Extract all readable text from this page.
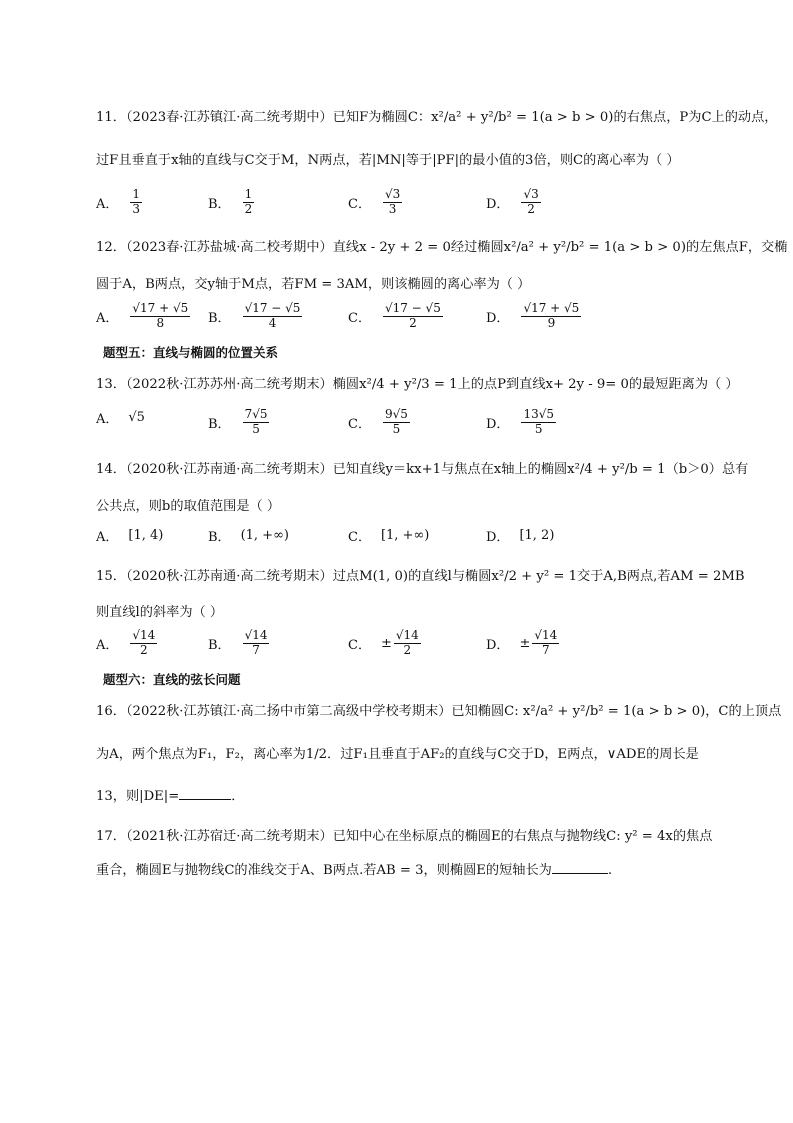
11．（2023春·江苏镇江·高二统考期中）已知F为椭圆C：x²/a² + y²/b² = 1(a > b > 0)的右焦点，P为C上的动点，
过F且垂直于x轴的直线与C交于M，N两点，若|MN|等于|PF|的最小值的3倍，则C的离心率为（ ）
A． $\frac{1}{3}$	B． $\frac{1}{2}$	C． $\frac{√3}{3}$	D． $\frac{√3}{2}$
12．（2023春·江苏盐城·高二校考期中）直线x - 2y + 2 = 0经过椭圆x²/a² + y²/b² = 1(a > b > 0)的左焦点F，交椭
圆于A，B两点，交y轴于M点，若FM = 3AM，则该椭圆的离心率为（ ）
A． $\frac{√17 + √5}{8}$ B． $\frac{√17 - √5}{4}$	C． $\frac{√17 - √5}{2}$	D． $\frac{√17 + √5}{9}$
题型五：直线与椭圆的位置关系
13．（2022秋·江苏苏州·高二统考期末）椭圆x²/4 + y²/3 = 1上的点P到直线x+ 2y - 9= 0的最短距离为（ ）
A． √5	B． $\frac{7√5}{5}$	C． $\frac{9√5}{5}$	D． $\frac{13√5}{5}$
14．（2020秋·江苏南通·高二统考期末）已知直线y＝kx+1与焦点在x轴上的椭圆x²/4 + y²/b = 1（b＞0）总有
公共点，则b的取值范围是（ ）
A． [1, 4)	B． (1, +∞)	C． [1, +∞)	D． [1, 2)
15．（2020秋·江苏南通·高二统考期末）过点M(1, 0)的直线l与椭圆x²/2 + y² = 1交于A,B两点,若AM = 2MB
则直线l的斜率为（ ）
A． $\frac{√14}{2}$	B． $\frac{√14}{7}$	C． ± $\frac{√14}{2}$	D． ± $\frac{√14}{7}$
题型六：直线的弦长问题
16．（2022秋·江苏镇江·高二扬中市第二高级中学校考期末）已知椭圆C: x²/a² + y²/b² = 1(a > b > 0)，C的上顶点
为A，两个焦点为F₁，F₂，离心率为1/2．过F₁且垂直于AF₂的直线与C交于D，E两点，∨ADE的周长是
13，则|DE|=	．
17．（2021秋·江苏宿迁·高二统考期末）已知中心在坐标原点的椭圆E的右焦点与抛物线C: y² = 4x的焦点
重合，椭圆E与抛物线C的准线交于A、B两点.若AB = 3，则椭圆E的短轴长为	.
